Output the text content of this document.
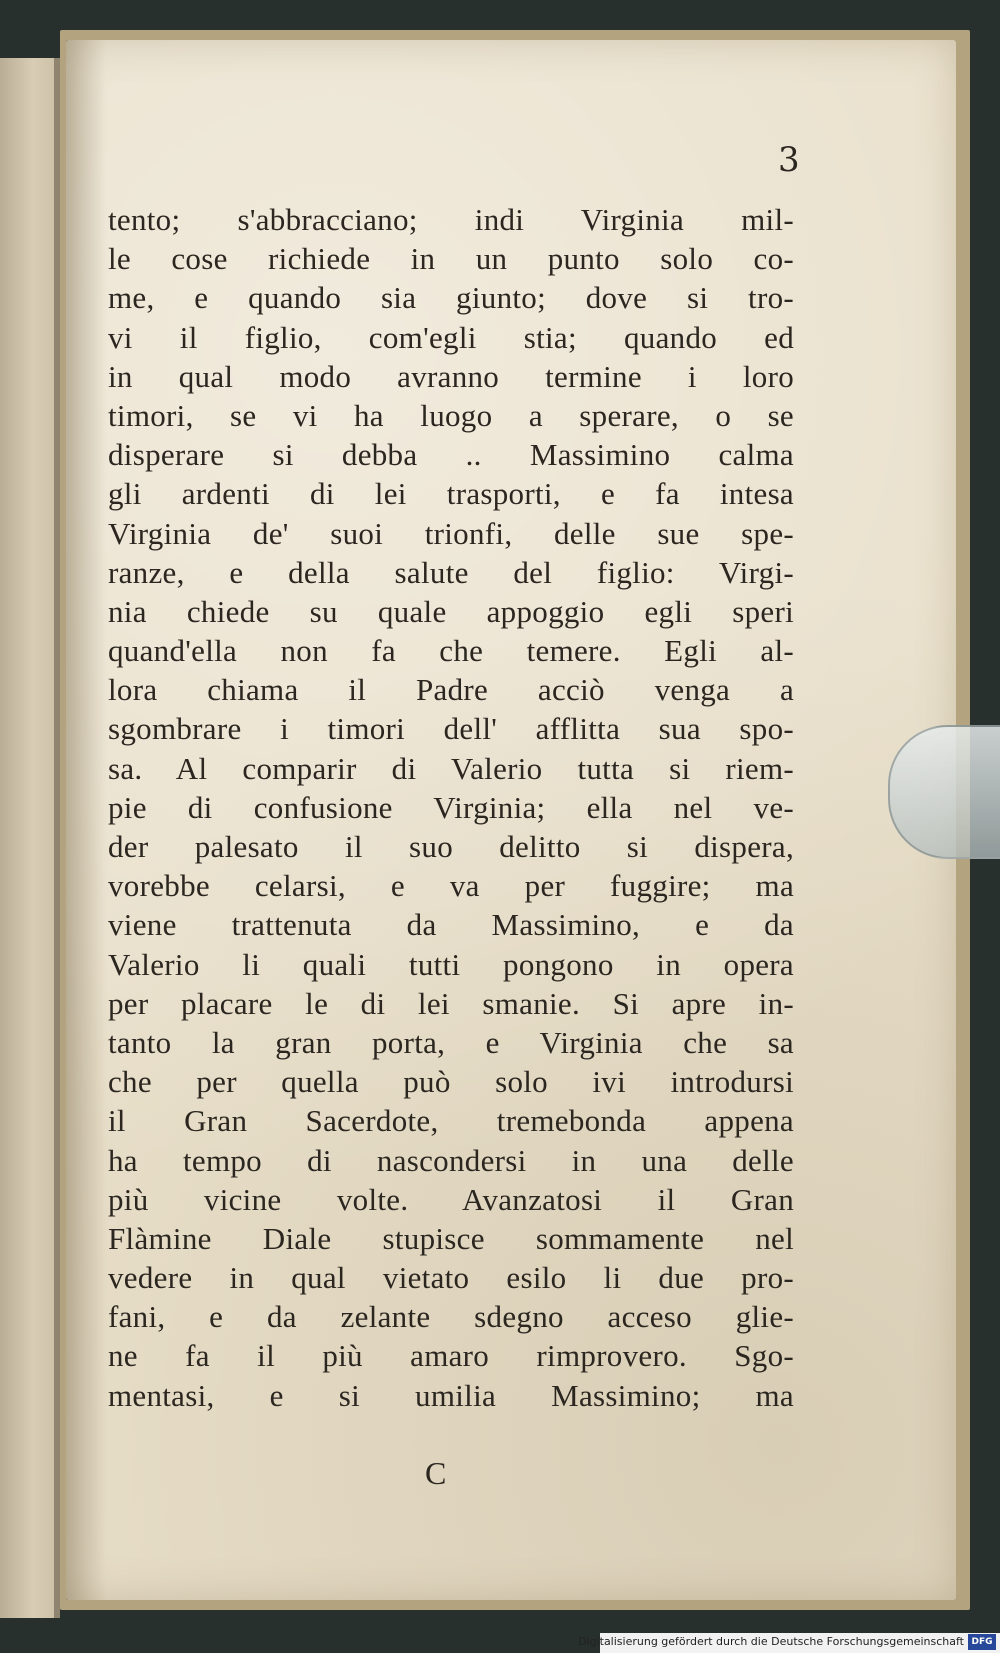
3
tento; s'abbracciano; indi Virginia mil-
le cose richiede in un punto solo co-
me, e quando sia giunto; dove si tro-
vi il figlio, com'egli stia; quando ed
in qual modo avranno termine i loro
timori, se vi ha luogo a sperare, o se
disperare si debba .. Massimino calma
gli ardenti di lei trasporti, e fa intesa
Virginia de' suoi trionfi, delle sue spe-
ranze, e della salute del figlio: Virgi-
nia chiede su quale appoggio egli speri
quand'ella non fa che temere. Egli al-
lora chiama il Padre acciò venga a
sgombrare i timori dell' afflitta sua spo-
sa. Al comparir di Valerio tutta si riem-
pie di confusione Virginia; ella nel ve-
der palesato il suo delitto si dispera,
vorebbe celarsi, e va per fuggire; ma
viene trattenuta da Massimino, e da
Valerio li quali tutti pongono in opera
per placare le di lei smanie. Si apre in-
tanto la gran porta, e Virginia che sa
che per quella può solo ivi introdursi
il Gran Sacerdote, tremebonda appena
ha tempo di nascondersi in una delle
più vicine volte. Avanzatosi il Gran
Flàmine Diale stupisce sommamente nel
vedere in qual vietato esilo li due pro-
fani, e da zelante sdegno acceso glie-
ne fa il più amaro rimprovero. Sgo-
mentasi, e si umilia Massimino; ma
C
Digitalisierung gefördert durch die Deutsche Forschungsgemeinschaft DFG
